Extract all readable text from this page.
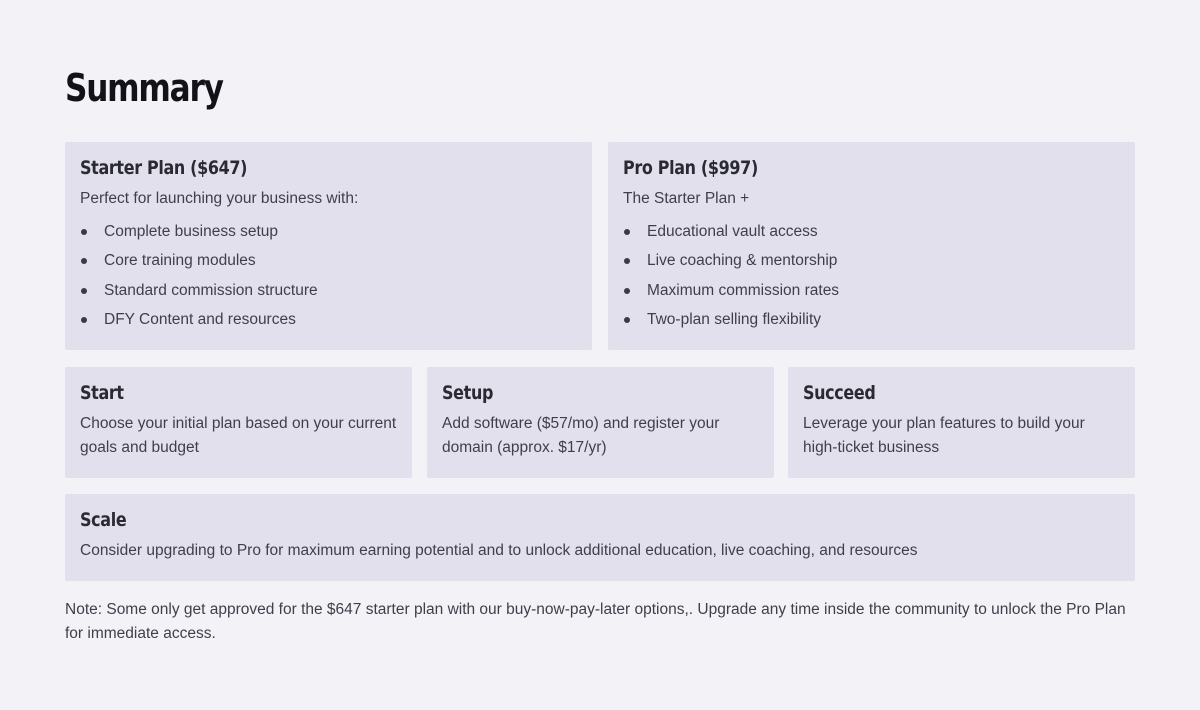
Summary
Starter Plan ($647)
Perfect for launching your business with:
Complete business setup
Core training modules
Standard commission structure
DFY Content and resources
Pro Plan ($997)
The Starter Plan +
Educational vault access
Live coaching & mentorship
Maximum commission rates
Two-plan selling flexibility
Start
Choose your initial plan based on your current goals and budget
Setup
Add software ($57/mo) and register your domain (approx. $17/yr)
Succeed
Leverage your plan features to build your high-ticket business
Scale
Consider upgrading to Pro for maximum earning potential and to unlock additional education, live coaching, and resources
Note: Some only get approved for the $647 starter plan with our buy-now-pay-later options,. Upgrade any time inside the community to unlock the Pro Plan for immediate access.
